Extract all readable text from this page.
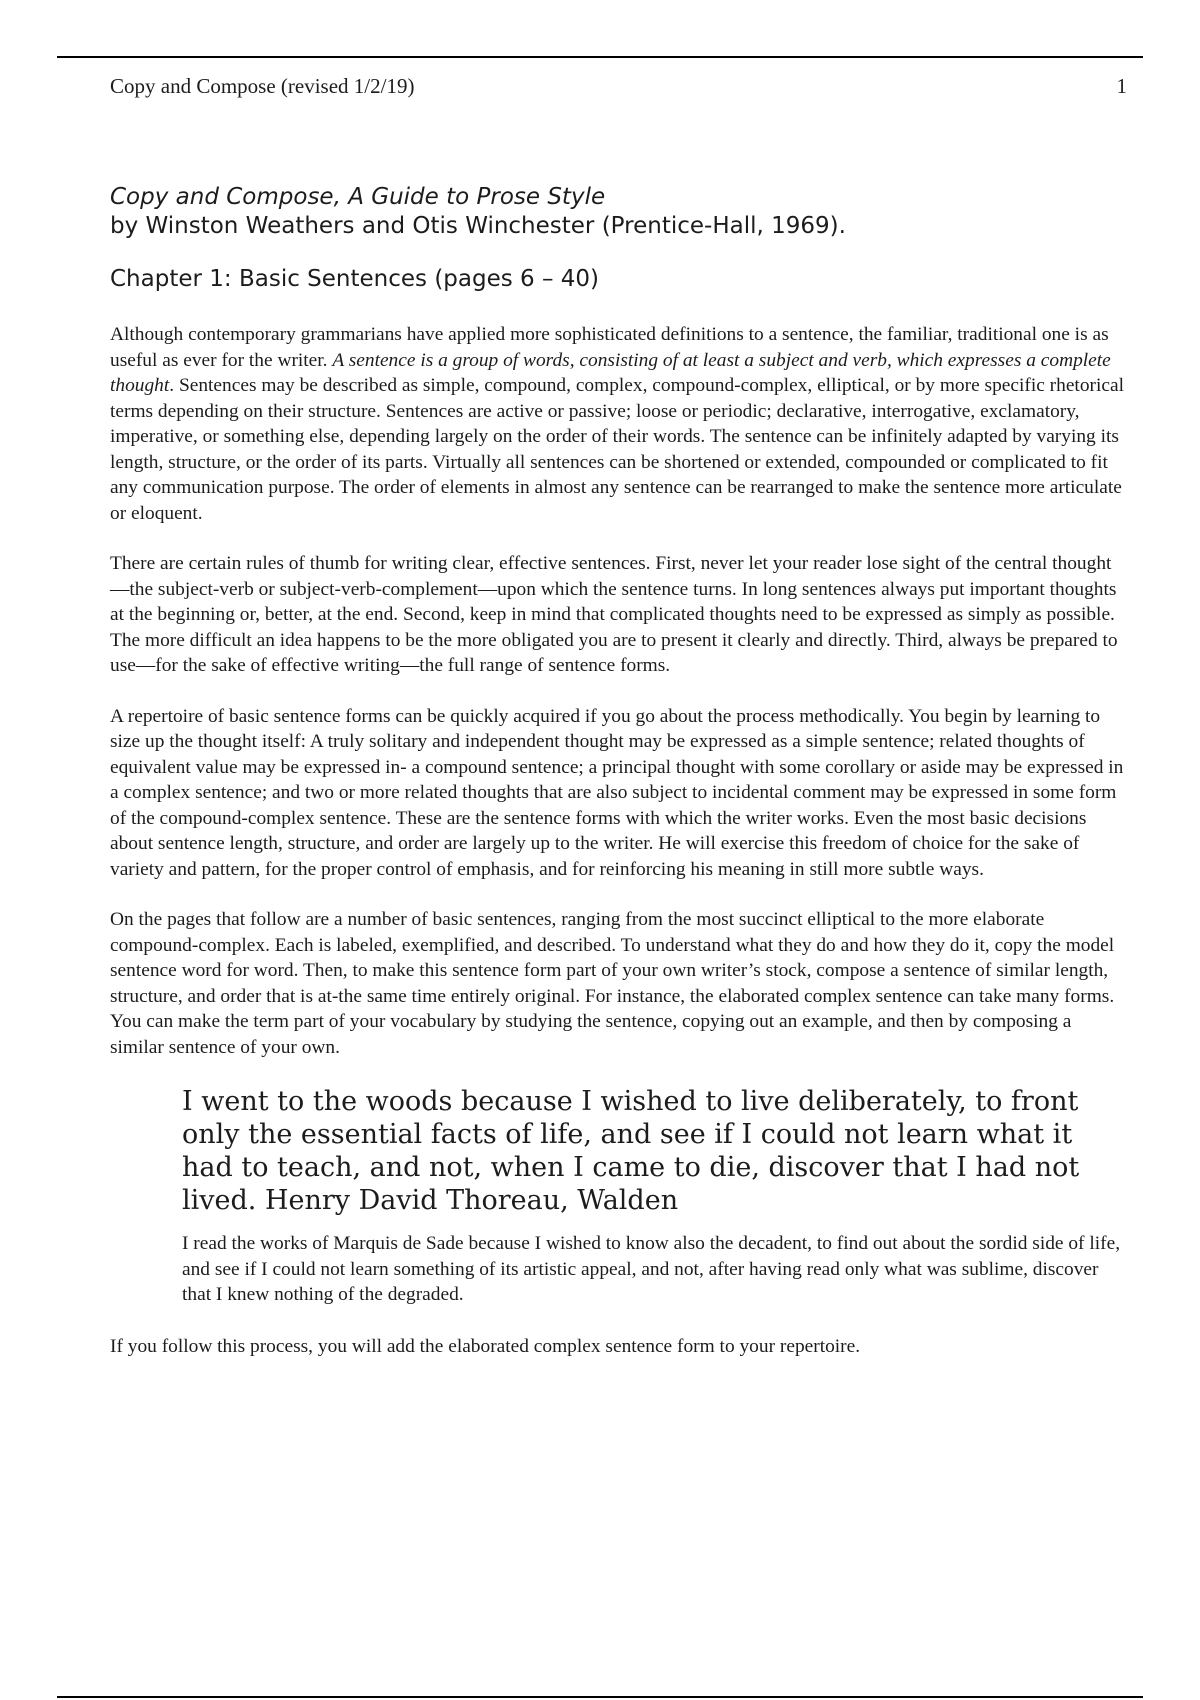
Copy and Compose (revised 1/2/19)	1
Copy and Compose, A Guide to Prose Style
by Winston Weathers and Otis Winchester (Prentice-Hall, 1969).
Chapter 1: Basic Sentences (pages 6 – 40)

Although contemporary grammarians have applied more sophisticated definitions to a sentence, the familiar, traditional one is as useful as ever for the writer. A sentence is a group of words, consisting of at least a subject and verb, which expresses a complete thought. Sentences may be described as simple, compound, complex, compound-complex, elliptical, or by more specific rhetorical terms depending on their structure. Sentences are active or passive; loose or periodic; declarative, interrogative, exclamatory, imperative, or something else, depending largely on the order of their words. The sentence can be infinitely adapted by varying its length, structure, or the order of its parts. Virtually all sentences can be shortened or extended, compounded or complicated to fit any communication purpose. The order of elements in almost any sentence can be rearranged to make the sentence more articulate or eloquent.

There are certain rules of thumb for writing clear, effective sentences. First, never let your reader lose sight of the central thought—the subject-verb or subject-verb-complement—upon which the sentence turns. In long sentences always put important thoughts at the beginning or, better, at the end. Second, keep in mind that complicated thoughts need to be expressed as simply as possible. The more difficult an idea happens to be the more obligated you are to present it clearly and directly. Third, always be prepared to use—for the sake of effective writing—the full range of sentence forms.

A repertoire of basic sentence forms can be quickly acquired if you go about the process methodically. You begin by learning to size up the thought itself: A truly solitary and independent thought may be expressed as a simple sentence; related thoughts of equivalent value may be expressed in- a compound sentence; a principal thought with some corollary or aside may be expressed in a complex sentence; and two or more related thoughts that are also subject to incidental comment may be expressed in some form of the compound-complex sentence. These are the sentence forms with which the writer works. Even the most basic decisions about sentence length, structure, and order are largely up to the writer. He will exercise this freedom of choice for the sake of variety and pattern, for the proper control of emphasis, and for reinforcing his meaning in still more subtle ways.

On the pages that follow are a number of basic sentences, ranging from the most succinct elliptical to the more elaborate compound-complex. Each is labeled, exemplified, and described. To understand what they do and how they do it, copy the model sentence word for word. Then, to make this sentence form part of your own writer’s stock, compose a sentence of similar length, structure, and order that is at-the same time entirely original. For instance, the elaborated complex sentence can take many forms. You can make the term part of your vocabulary by studying the sentence, copying out an example, and then by composing a similar sentence of your own.

I went to the woods because I wished to live deliberately, to front only the essential facts of life, and see if I could not learn what it had to teach, and not, when I came to die, discover that I had not lived. Henry David Thoreau, Walden
I read the works of Marquis de Sade because I wished to know also the decadent, to find out about the sordid side of life, and see if I could not learn something of its artistic appeal, and not, after having read only what was sublime, discover that I knew nothing of the degraded.

If you follow this process, you will add the elaborated complex sentence form to your repertoire.
